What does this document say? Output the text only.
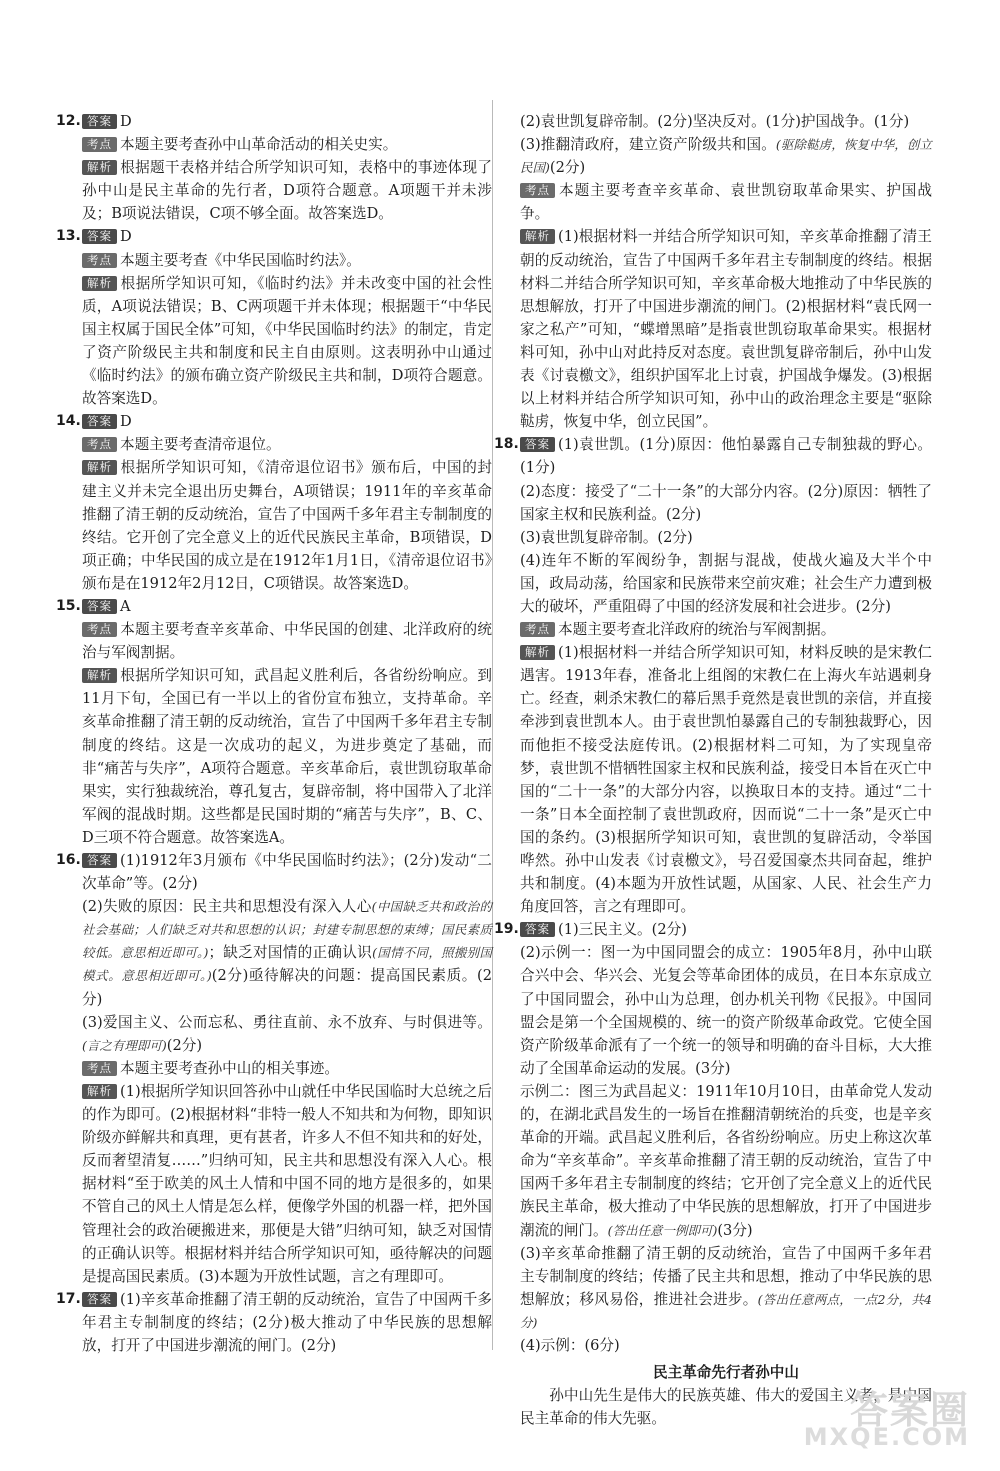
12. 答案 D

考点 本题主要考查孙中山革命活动的相关史实。

解析 根据题干表格并结合所学知识可知，表格中的事迹体现了孙中山是民主革命的先行者，D项符合题意。A项题干并未涉及；B项说法错误，C项不够全面。故答案选D。

13. 答案 D

考点 本题主要考查《中华民国临时约法》。

解析 根据所学知识可知，《临时约法》并未改变中国的社会性质，A项说法错误；B、C两项题干并未体现；根据题干“中华民国主权属于国民全体”可知，《中华民国临时约法》的制定，肯定了资产阶级民主共和制度和民主自由原则。这表明孙中山通过《临时约法》的颁布确立资产阶级民主共和制，D项符合题意。故答案选D。

14. 答案 D

考点 本题主要考查清帝退位。

解析 根据所学知识可知，《清帝退位诏书》颁布后，中国的封建主义并未完全退出历史舞台，A项错误；1911年的辛亥革命推翻了清王朝的反动统治，宣告了中国两千多年君主专制制度的终结。它开创了完全意义上的近代民族民主革命，B项错误，D项正确；中华民国的成立是在1912年1月1日，《清帝退位诏书》颁布是在1912年2月12日，C项错误。故答案选D。

15. 答案 A

考点 本题主要考查辛亥革命、中华民国的创建、北洋政府的统治与军阀割据。

解析 根据所学知识可知，武昌起义胜利后，各省纷纷响应。到11月下旬，全国已有一半以上的省份宣布独立，支持革命。辛亥革命推翻了清王朝的反动统治，宣告了中国两千多年君主专制制度的终结。这是一次成功的起义，为进步奠定了基础，而非“痛苦与失序”，A项符合题意。辛亥革命后，袁世凯窃取革命果实，实行独裁统治，尊孔复古，复辟帝制，将中国带入了北洋军阀的混战时期。这些都是民国时期的“痛苦与失序”，B、C、D三项不符合题意。故答案选A。

16. 答案 (1)1912年3月颁布《中华民国临时约法》；(2分)发动“二次革命”等。(2分)

(2)失败的原因：民主共和思想没有深入人心(中国缺乏共和政治的社会基础；人们缺乏对共和思想的认识；封建专制思想的束缚；国民素质较低。意思相近即可。)；缺乏对国情的正确认识(国情不同，照搬别国模式。意思相近即可。)(2分)亟待解决的问题：提高国民素质。(2分)

(3)爱国主义、公而忘私、勇往直前、永不放弃、与时俱进等。(言之有理即可)(2分)

考点 本题主要考查孙中山的相关事迹。

解析 (1)根据所学知识回答孙中山就任中华民国临时大总统之后的作为即可。(2)根据材料“非特一般人不知共和为何物，即知识阶级亦鲜解共和真理，更有甚者，许多人不但不知共和的好处，反而奢望清复……”归纳可知，民主共和思想没有深入人心。根据材料“至于欧美的风土人情和中国不同的地方是很多的，如果不管自己的风土人情是怎么样，便像学外国的机器一样，把外国管理社会的政治硬搬进来，那便是大错”归纳可知，缺乏对国情的正确认识等。根据材料并结合所学知识可知，亟待解决的问题是提高国民素质。(3)本题为开放性试题，言之有理即可。

17. 答案 (1)辛亥革命推翻了清王朝的反动统治，宣告了中国两千多年君主专制制度的终结；(2分)极大推动了中华民族的思想解放，打开了中国进步潮流的闸门。(2分)

(2)袁世凯复辟帝制。(2分)坚决反对。(1分)护国战争。(1分)

(3)推翻清政府，建立资产阶级共和国。(驱除鞑虏，恢复中华，创立民国)(2分)

考点 本题主要考查辛亥革命、袁世凯窃取革命果实、护国战争。

解析 (1)根据材料一并结合所学知识可知，辛亥革命推翻了清王朝的反动统治，宣告了中国两千多年君主专制制度的终结。根据材料二并结合所学知识可知，辛亥革命极大地推动了中华民族的思想解放，打开了中国进步潮流的闸门。(2)根据材料“袁氏网一家之私产”可知，“蝶增黑暗”是指袁世凯窃取革命果实。根据材料可知，孙中山对此持反对态度。袁世凯复辟帝制后，孙中山发表《讨袁檄文》，组织护国军北上讨袁，护国战争爆发。(3)根据以上材料并结合所学知识可知，孙中山的政治理念主要是“驱除鞑虏，恢复中华，创立民国”。

18. 答案 (1)袁世凯。(1分)原因：他怕暴露自己专制独裁的野心。(1分)

(2)态度：接受了“二十一条”的大部分内容。(2分)原因：牺牲了国家主权和民族利益。(2分)

(3)袁世凯复辟帝制。(2分)

(4)连年不断的军阀纷争，割据与混战，使战火遍及大半个中国，政局动荡，给国家和民族带来空前灾难；社会生产力遭到极大的破坏，严重阻碍了中国的经济发展和社会进步。(2分)

考点 本题主要考查北洋政府的统治与军阀割据。

解析 (1)根据材料一并结合所学知识可知，材料反映的是宋教仁遇害。1913年春，准备北上组阁的宋教仁在上海火车站遇刺身亡。经查，刺杀宋教仁的幕后黑手竟然是袁世凯的亲信，并直接牵涉到袁世凯本人。由于袁世凯怕暴露自己的专制独裁野心，因而他拒不接受法庭传讯。(2)根据材料二可知，为了实现皇帝梦，袁世凯不惜牺牲国家主权和民族利益，接受日本旨在灭亡中国的“二十一条”的大部分内容，以换取日本的支持。通过“二十一条”日本全面控制了袁世凯政府，因而说“二十一条”是灭亡中国的条约。(3)根据所学知识可知，袁世凯的复辟活动，令举国哗然。孙中山发表《讨袁檄文》，号召爱国豪杰共同奋起，维护共和制度。(4)本题为开放性试题，从国家、人民、社会生产力角度回答，言之有理即可。

19. 答案 (1)三民主义。(2分)

(2)示例一：图一为中国同盟会的成立：1905年8月，孙中山联合兴中会、华兴会、光复会等革命团体的成员，在日本东京成立了中国同盟会，孙中山为总理，创办机关刊物《民报》。中国同盟会是第一个全国规模的、统一的资产阶级革命政党。它使全国资产阶级革命派有了一个统一的领导和明确的奋斗目标，大大推动了全国革命运动的发展。(3分)

示例二：图三为武昌起义：1911年10月10日，由革命党人发动的，在湖北武昌发生的一场旨在推翻清朝统治的兵变，也是辛亥革命的开端。武昌起义胜利后，各省纷纷响应。历史上称这次革命为“辛亥革命”。辛亥革命推翻了清王朝的反动统治，宣告了中国两千多年君主专制制度的终结；它开创了完全意义上的近代民族民主革命，极大推动了中华民族的思想解放，打开了中国进步潮流的闸门。(答出任意一例即可)(3分)

(3)辛亥革命推翻了清王朝的反动统治，宣告了中国两千多年君主专制制度的终结；传播了民主共和思想，推动了中华民族的思想解放；移风易俗，推进社会进步。(答出任意两点，一点2分，共4分)

(4)示例：(6分)

民主革命先行者孙中山

孙中山先生是伟大的民族英雄、伟大的爱国主义者，是中国民主革命的伟大先驱。	答案圈
MXQE.COM
